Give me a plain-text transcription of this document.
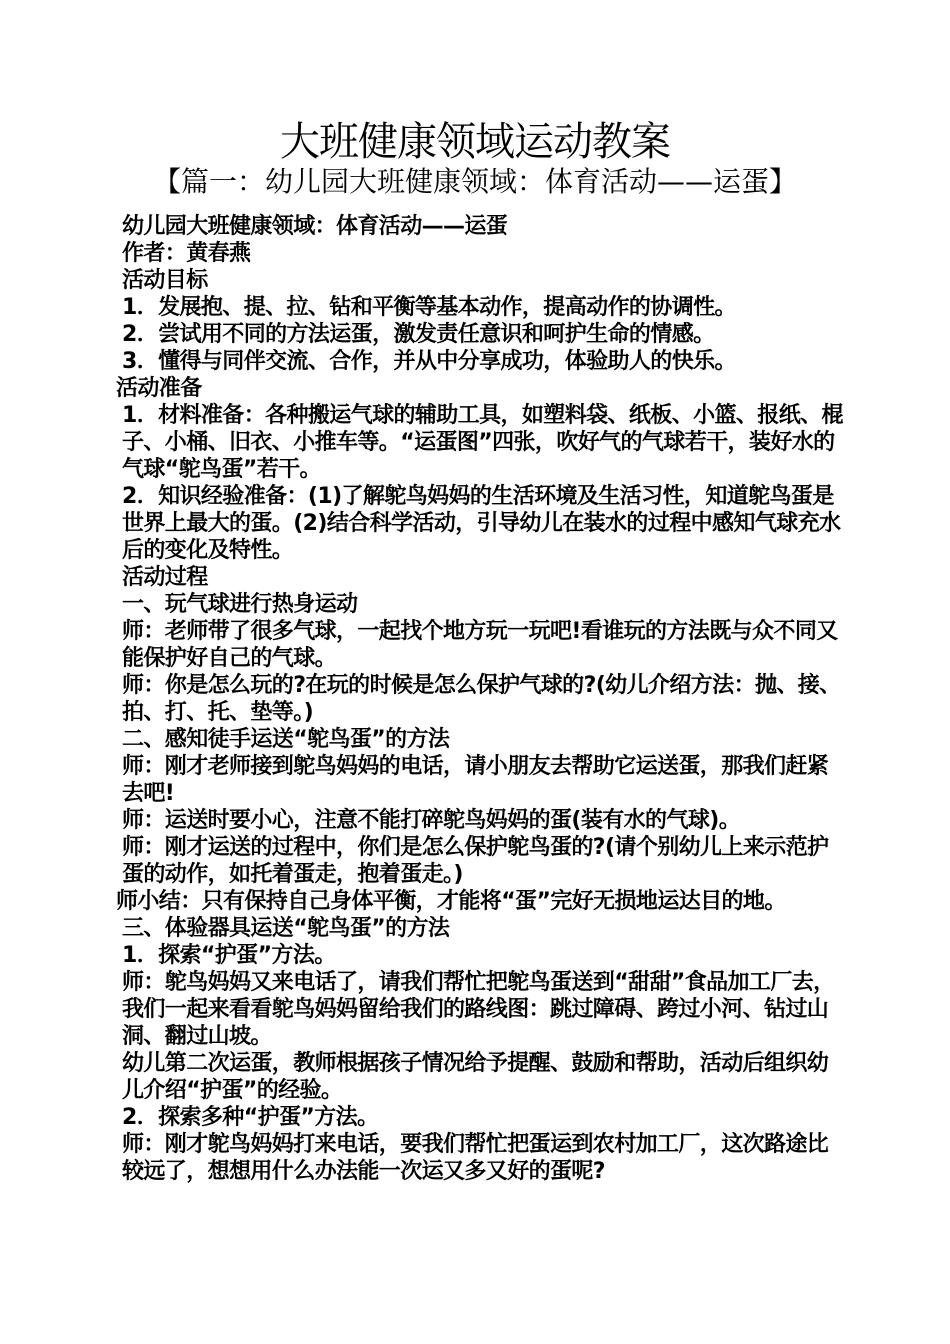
大班健康领域运动教案
【篇一：幼儿园大班健康领域：体育活动——运蛋】

幼儿园大班健康领域：体育活动——运蛋

作者：黄春燕

活动目标

1．发展抱、提、拉、钻和平衡等基本动作，提高动作的协调性。

2．尝试用不同的方法运蛋，激发责任意识和呵护生命的情感。

3．懂得与同伴交流、合作，并从中分享成功，体验助人的快乐。

活动准备

1．材料准备：各种搬运气球的辅助工具，如塑料袋、纸板、小篮、报纸、棍子、小桶、旧衣、小推车等。“运蛋图”四张，吹好气的气球若干，装好水的气球“鸵鸟蛋”若干。

2．知识经验准备：(1)了解鸵鸟妈妈的生活环境及生活习性，知道鸵鸟蛋是世界上最大的蛋。(2)结合科学活动，引导幼儿在装水的过程中感知气球充水后的变化及特性。

活动过程

一、玩气球进行热身运动

师：老师带了很多气球，一起找个地方玩一玩吧!看谁玩的方法既与众不同又能保护好自己的气球。

师：你是怎么玩的?在玩的时候是怎么保护气球的?(幼儿介绍方法：抛、接、拍、打、托、垫等。)

二、感知徒手运送“鸵鸟蛋”的方法

师：刚才老师接到鸵鸟妈妈的电话，请小朋友去帮助它运送蛋，那我们赶紧去吧!

师：运送时要小心，注意不能打碎鸵鸟妈妈的蛋(装有水的气球)。

师：刚才运送的过程中，你们是怎么保护鸵鸟蛋的?(请个别幼儿上来示范护蛋的动作，如托着蛋走，抱着蛋走。)

师小结：只有保持自己身体平衡，才能将“蛋”完好无损地运达目的地。

三、体验器具运送“鸵鸟蛋”的方法

1．探索“护蛋”方法。

师：鸵鸟妈妈又来电话了，请我们帮忙把鸵鸟蛋送到“甜甜”食品加工厂去，我们一起来看看鸵鸟妈妈留给我们的路线图：跳过障碍、跨过小河、钻过山洞、翻过山坡。

幼儿第二次运蛋，教师根据孩子情况给予提醒、鼓励和帮助，活动后组织幼儿介绍“护蛋”的经验。

2．探索多种“护蛋”方法。

师：刚才鸵鸟妈妈打来电话，要我们帮忙把蛋运到农村加工厂，这次路途比较远了，想想用什么办法能一次运又多又好的蛋呢?
